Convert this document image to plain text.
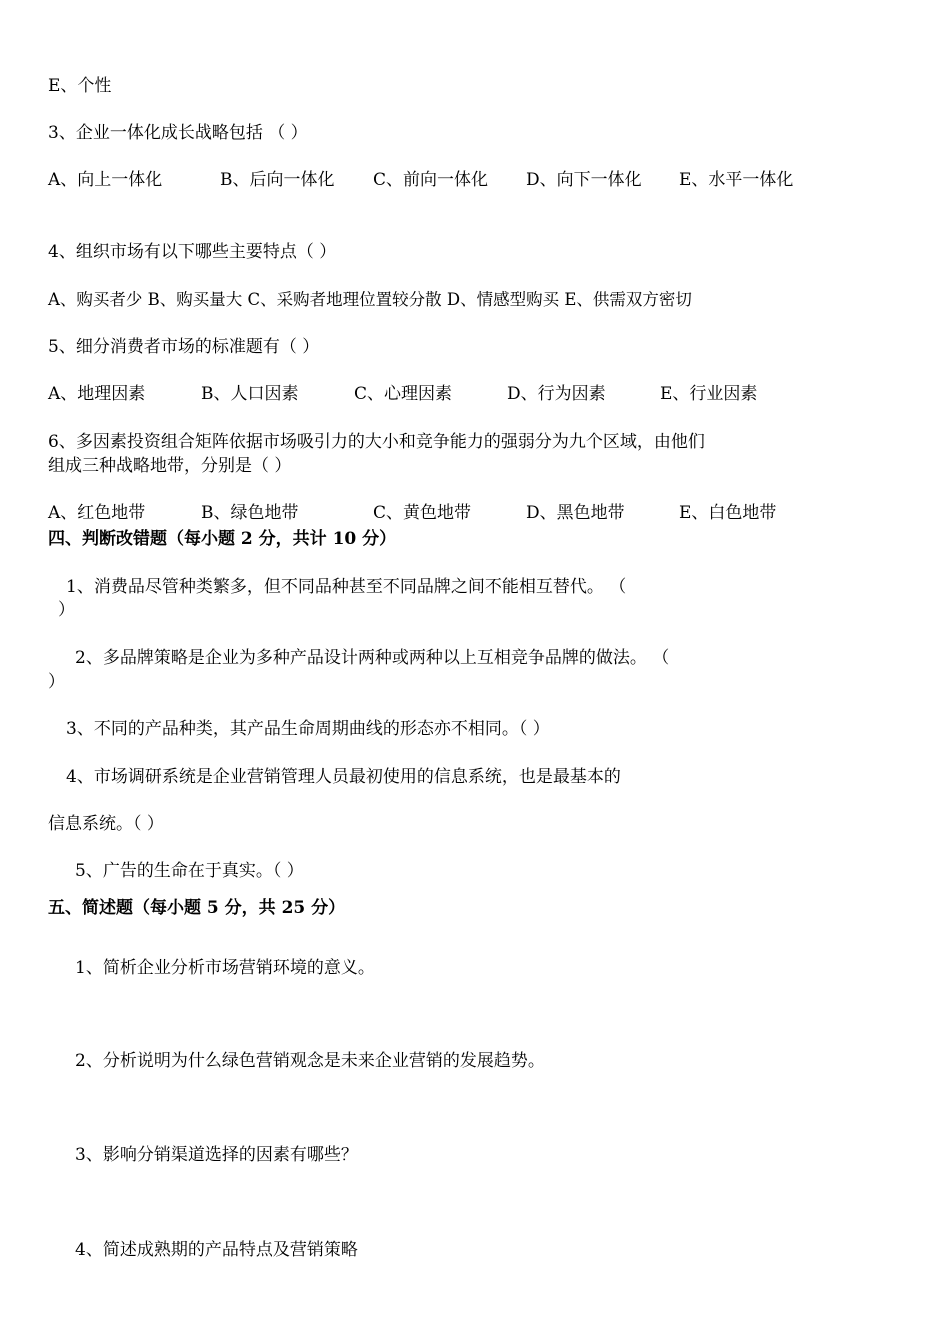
E、个性
3、企业一体化成长战略包括 （ ）
A、向上一体化	B、后向一体化	C、前向一体化	D、向下一体化	E、水平一体化
4、组织市场有以下哪些主要特点（ ）
A、购买者少 B、购买量大 C、采购者地理位置较分散 D、情感型购买 E、供需双方密切
5、细分消费者市场的标准题有（ ）
A、地理因素	B、人口因素	C、心理因素	D、行为因素	E、行业因素
6、多因素投资组合矩阵依据市场吸引力的大小和竞争能力的强弱分为九个区域，由他们
组成三种战略地带，分别是（ ）
A、红色地带	B、绿色地带	C、黄色地带	D、黑色地带	E、白色地带
四、判断改错题（每小题 2 分，共计 10 分）
1、消费品尽管种类繁多，但不同品种甚至不同品牌之间不能相互替代。 （
）
2、多品牌策略是企业为多种产品设计两种或两种以上互相竞争品牌的做法。 （
）
3、不同的产品种类，其产品生命周期曲线的形态亦不相同。（ ）
4、市场调研系统是企业营销管理人员最初使用的信息系统，也是最基本的
信息系统。（ ）
5、广告的生命在于真实。（ ）
五、简述题（每小题 5 分，共 25 分）
1、简析企业分析市场营销环境的意义。
2、分析说明为什么绿色营销观念是未来企业营销的发展趋势。
3、影响分销渠道选择的因素有哪些？
4、简述成熟期的产品特点及营销策略
